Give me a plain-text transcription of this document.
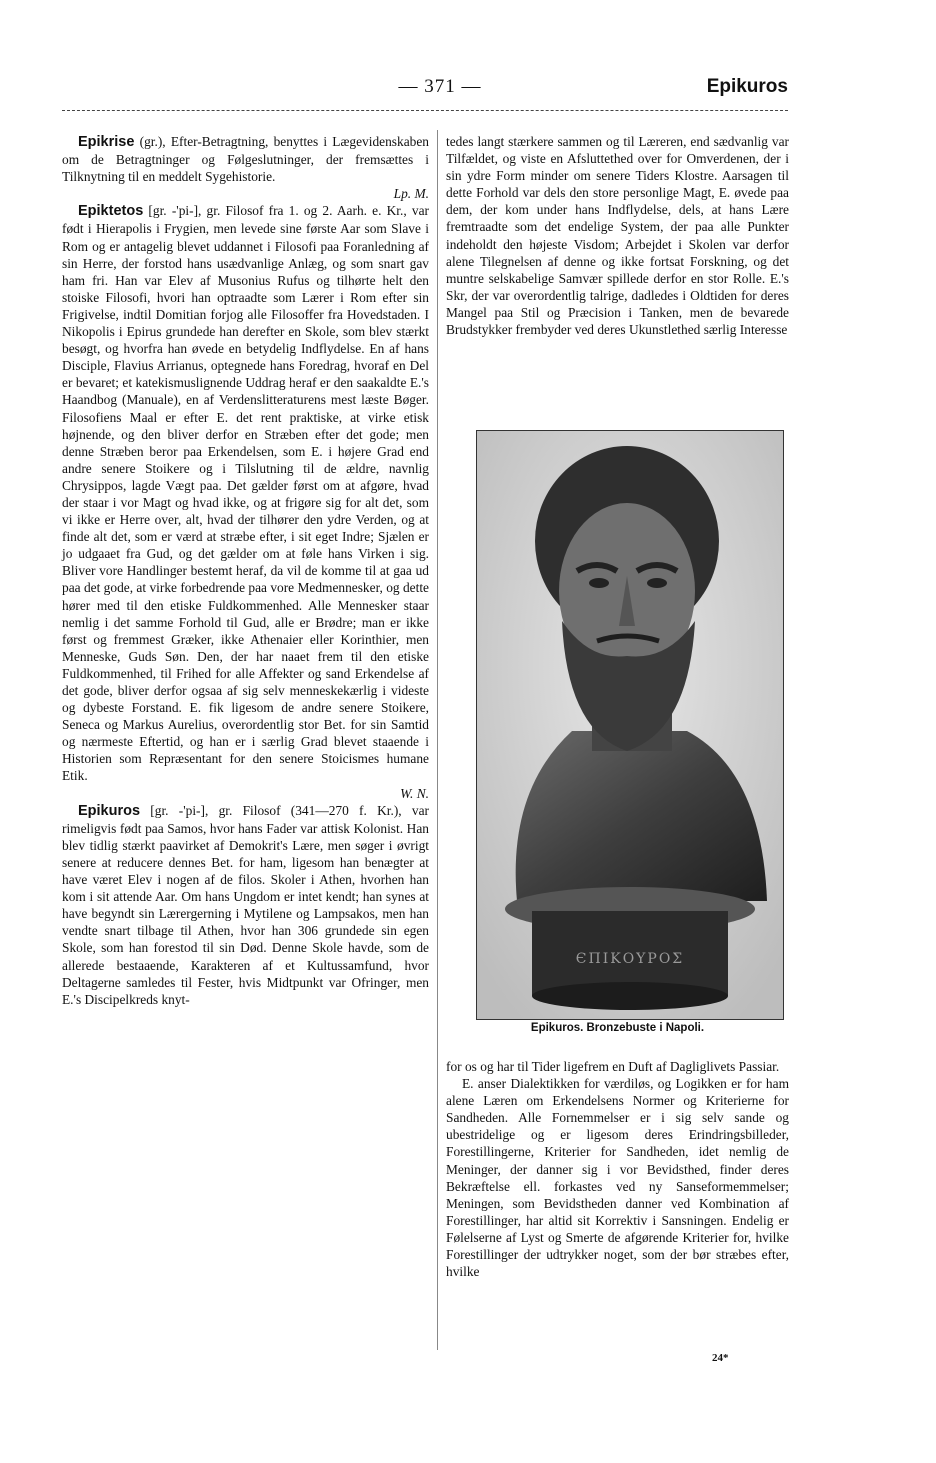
— 371 —	Epikuros

Epikrise (gr.), Efter-Betragtning, benyttes i Lægevidenskaben om de Betragtninger og Følgeslutninger, der fremsættes i Tilknytning til en meddelt Sygehistorie.
Lp. M.

Epiktetos [gr. -'pi-], gr. Filosof fra 1. og 2. Aarh. e. Kr., var født i Hierapolis i Frygien, men levede sine første Aar som Slave i Rom og er antagelig blevet uddannet i Filosofi paa Foranledning af sin Herre, der forstod hans usædvanlige Anlæg, og som snart gav ham fri. Han var Elev af Musonius Rufus og tilhørte helt den stoiske Filosofi, hvori han optraadte som Lærer i Rom efter sin Frigivelse, indtil Domitian forjog alle Filosoffer fra Hovedstaden. I Nikopolis i Epirus grundede han derefter en Skole, som blev stærkt besøgt, og hvorfra han øvede en betydelig Indflydelse. En af hans Disciple, Flavius Arrianus, optegnede hans Foredrag, hvoraf en Del er bevaret; et katekismuslignende Uddrag heraf er den saakaldte E.'s Haandbog (Manuale), en af Verdenslitteraturens mest læste Bøger. Filosofiens Maal er efter E. det rent praktiske, at virke etisk højnende, og den bliver derfor en Stræben efter det gode; men denne Stræben beror paa Erkendelsen, som E. i højere Grad end andre senere Stoikere og i Tilslutning til de ældre, navnlig Chrysippos, lagde Vægt paa. Det gælder først om at afgøre, hvad der staar i vor Magt og hvad ikke, og at frigøre sig for alt det, som vi ikke er Herre over, alt, hvad der tilhører den ydre Verden, og at finde alt det, som er værd at stræbe efter, i sit eget Indre; Sjælen er jo udgaaet fra Gud, og det gælder om at føle hans Virken i sig. Bliver vore Handlinger bestemt heraf, da vil de komme til at gaa ud paa det gode, at virke forbedrende paa vore Medmennesker, og dette hører med til den etiske Fuldkommenhed. Alle Mennesker staar nemlig i det samme Forhold til Gud, alle er Brødre; man er ikke først og fremmest Græker, ikke Athenaier eller Korinthier, men Menneske, Guds Søn. Den, der har naaet frem til den etiske Fuldkommenhed, til Frihed for alle Affekter og sand Erkendelse af det gode, bliver derfor ogsaa af sig selv menneskekærlig i videste og dybeste Forstand. E. fik ligesom de andre senere Stoikere, Seneca og Markus Aurelius, overordentlig stor Bet. for sin Samtid og nærmeste Eftertid, og han er i særlig Grad blevet staaende i Historien som Repræsentant for den senere Stoicismes humane Etik.
W. N.

Epikuros [gr. -'pi-], gr. Filosof (341—270 f. Kr.), var rimeligvis født paa Samos, hvor hans Fader var attisk Kolonist. Han blev tidlig stærkt paavirket af Demokrit's Lære, men søger i øvrigt senere at reducere dennes Bet. for ham, ligesom han benægter at have været Elev i nogen af de filos. Skoler i Athen, hvorhen han kom i sit attende Aar. Om hans Ungdom er intet kendt; han synes at have begyndt sin Lærergerning i Mytilene og Lampsakos, men han vendte snart tilbage til Athen, hvor han 306 grundede sin egen Skole, som han forestod til sin Død. Denne Skole havde, som de allerede bestaaende, Karakteren af et Kultussamfund, hvor Deltagerne samledes til Fester, hvis Midtpunkt var Ofringer, men E.'s Discipelkreds knyt-

tedes langt stærkere sammen og til Læreren, end sædvanlig var Tilfældet, og viste en Afsluttethed over for Omverdenen, der i sin ydre Form minder om senere Tiders Klostre. Aarsagen til dette Forhold var dels den store personlige Magt, E. øvede paa dem, der kom under hans Indflydelse, dels, at hans Lære fremtraadte som det endelige System, der paa alle Punkter indeholdt den højeste Visdom; Arbejdet i Skolen var derfor alene Tilegnelsen af denne og ikke fortsat Forskning, og det muntre selskabelige Samvær spillede derfor en stor Rolle. E.'s Skr, der var overordentlig talrige, dadledes i Oldtiden for deres Mangel paa Stil og Præcision i Tanken, men de bevarede Brudstykker frembyder ved deres Ukunstlethed særlig Interesse

ЄΠΙΚΟΥΡΟΣ
Epikuros. Bronzebuste i Napoli.

for os og har til Tider ligefrem en Duft af Dagliglivets Passiar.

E. anser Dialektikken for værdiløs, og Logikken er for ham alene Læren om Erkendelsens Normer og Kriterierne for Sandheden. Alle Fornemmelser er i sig selv sande og ubestridelige og er ligesom deres Erindringsbilleder, Forestillingerne, Kriterier for Sandheden, idet nemlig de Meninger, der danner sig i vor Bevidsthed, finder deres Bekræftelse ell. forkastes ved ny Sanseformemmelser; Meningen, som Bevidstheden danner ved Kombination af Forestillinger, har altid sit Korrektiv i Sansningen. Endelig er Følelserne af Lyst og Smerte de afgørende Kriterier for, hvilke Forestillinger der udtrykker noget, som der bør stræbes efter, hvilke

24*
